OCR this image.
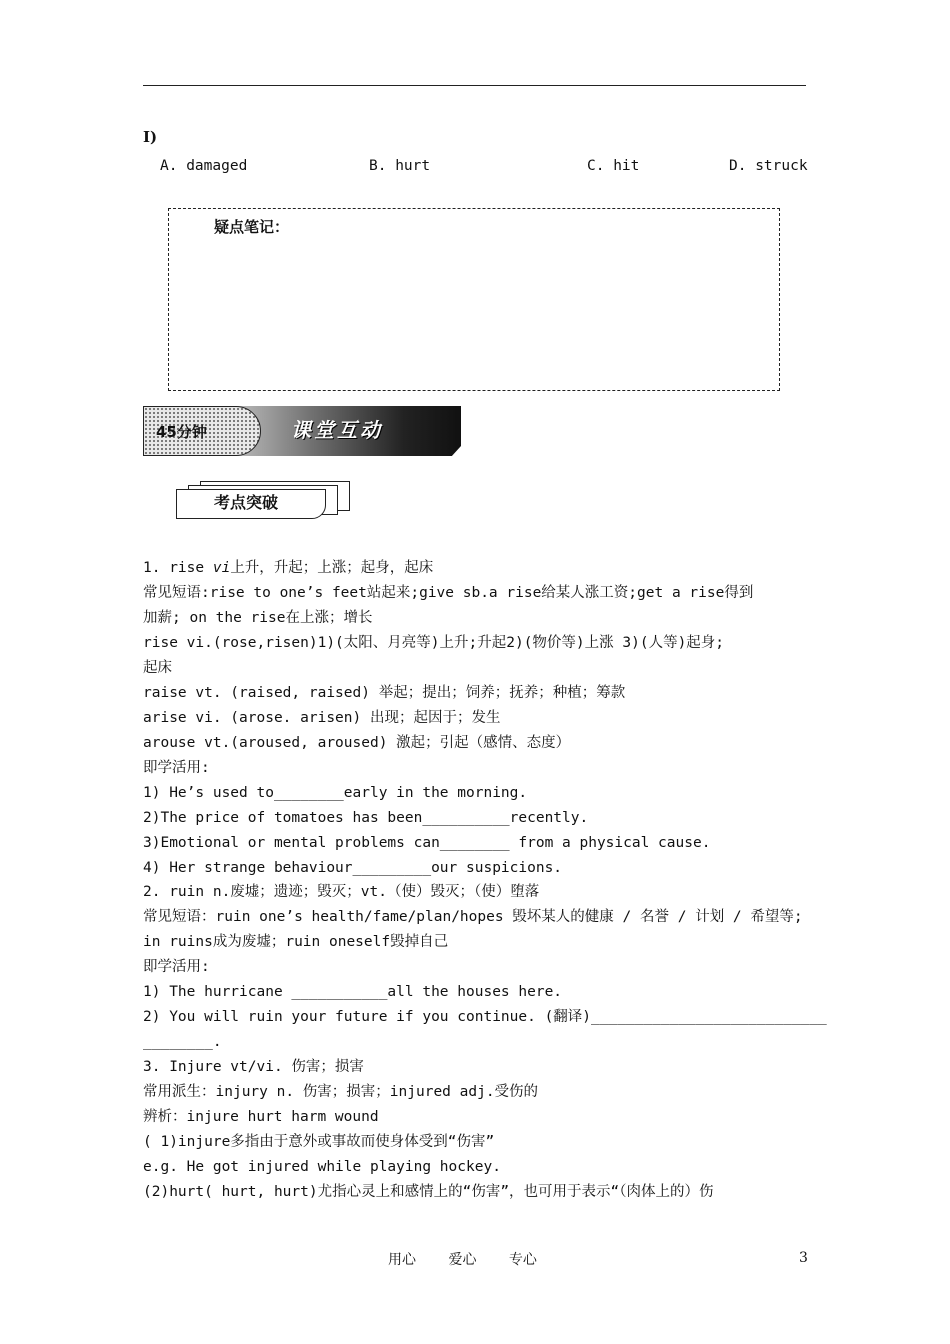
I)
A. damaged	B. hurt	C. hit	D. struck
疑点笔记：
45分钟	课堂互动
考点突破
1. rise vi上升，升起；上涨；起身，起床
常见短语:rise to one’s feet站起来;give sb.a rise给某人涨工资;get a rise得到
加薪; on the rise在上涨；增长
rise vi.(rose,risen)1)(太阳、月亮等)上升;升起2)(物价等)上涨 3)(人等)起身;
起床
raise vt. (raised, raised) 举起；提出；饲养；抚养；种植；筹款
arise vi. (arose. arisen) 出现；起因于；发生
arouse vt.(aroused, aroused) 激起；引起（感情、态度）
即学活用:
1) He’s used to________early in the morning.
2)The price of tomatoes has been__________recently.
3)Emotional or mental problems can________ from a physical cause.
4) Her strange behaviour_________our suspicions.
2. ruin n.废墟；遗迹；毁灭；vt.（使）毁灭；（使）堕落
常见短语：ruin one’s health/fame/plan/hopes 毁坏某人的健康 / 名誉 / 计划 / 希望等;
in ruins成为废墟；ruin oneself毁掉自己
即学活用:
1) The hurricane ___________all the houses here.
2) You will ruin your future if you continue. (翻译)___________________________
________.
3. Injure vt/vi. 伤害；损害
常用派生：injury n. 伤害；损害；injured adj.受伤的
辨析：injure hurt harm wound
( 1)injure多指由于意外或事故而使身体受到“伤害”
e.g. He got injured while playing hockey.
(2)hurt( hurt, hurt)尤指心灵上和感情上的“伤害”，也可用于表示“（肉体上的）伤
用心 爱心 专心	3
